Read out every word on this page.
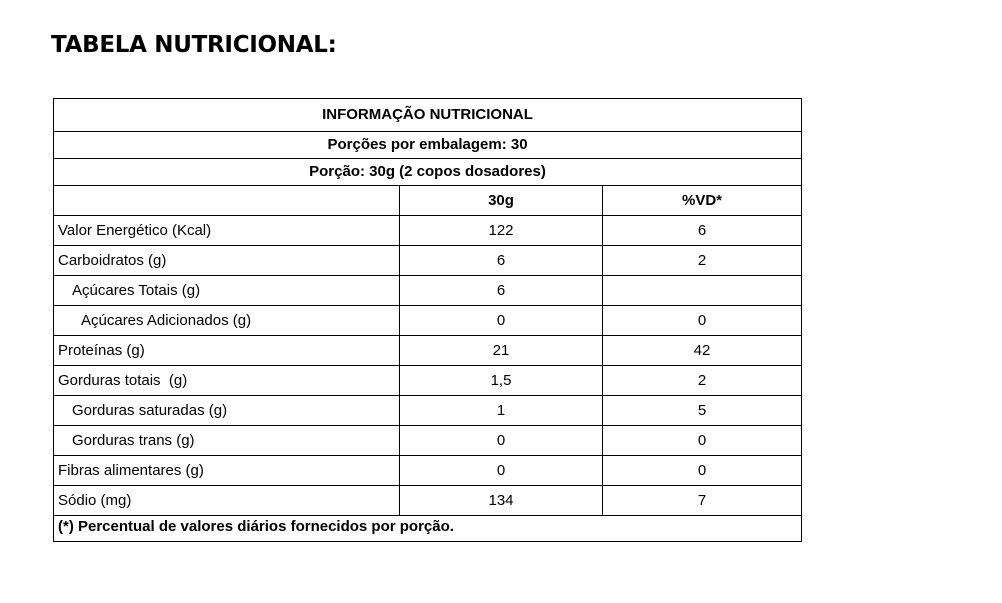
TABELA NUTRICIONAL:
INFORMAÇÃO NUTRICIONAL		
Porções por embalagem: 30		
Porção: 30g (2 copos dosadores)		
	30g	%VD*
Valor Energético (Kcal)	122	6
Carboidratos (g)	6	2
Açúcares Totais (g)	6	
Açúcares Adicionados (g)	0	0
Proteínas (g)	21	42
Gorduras totais  (g)	1,5	2
Gorduras saturadas (g)	1	5
Gorduras trans (g)	0	0
Fibras alimentares (g)	0	0
Sódio (mg)	134	7
(*) Percentual de valores diários fornecidos por porção.		
